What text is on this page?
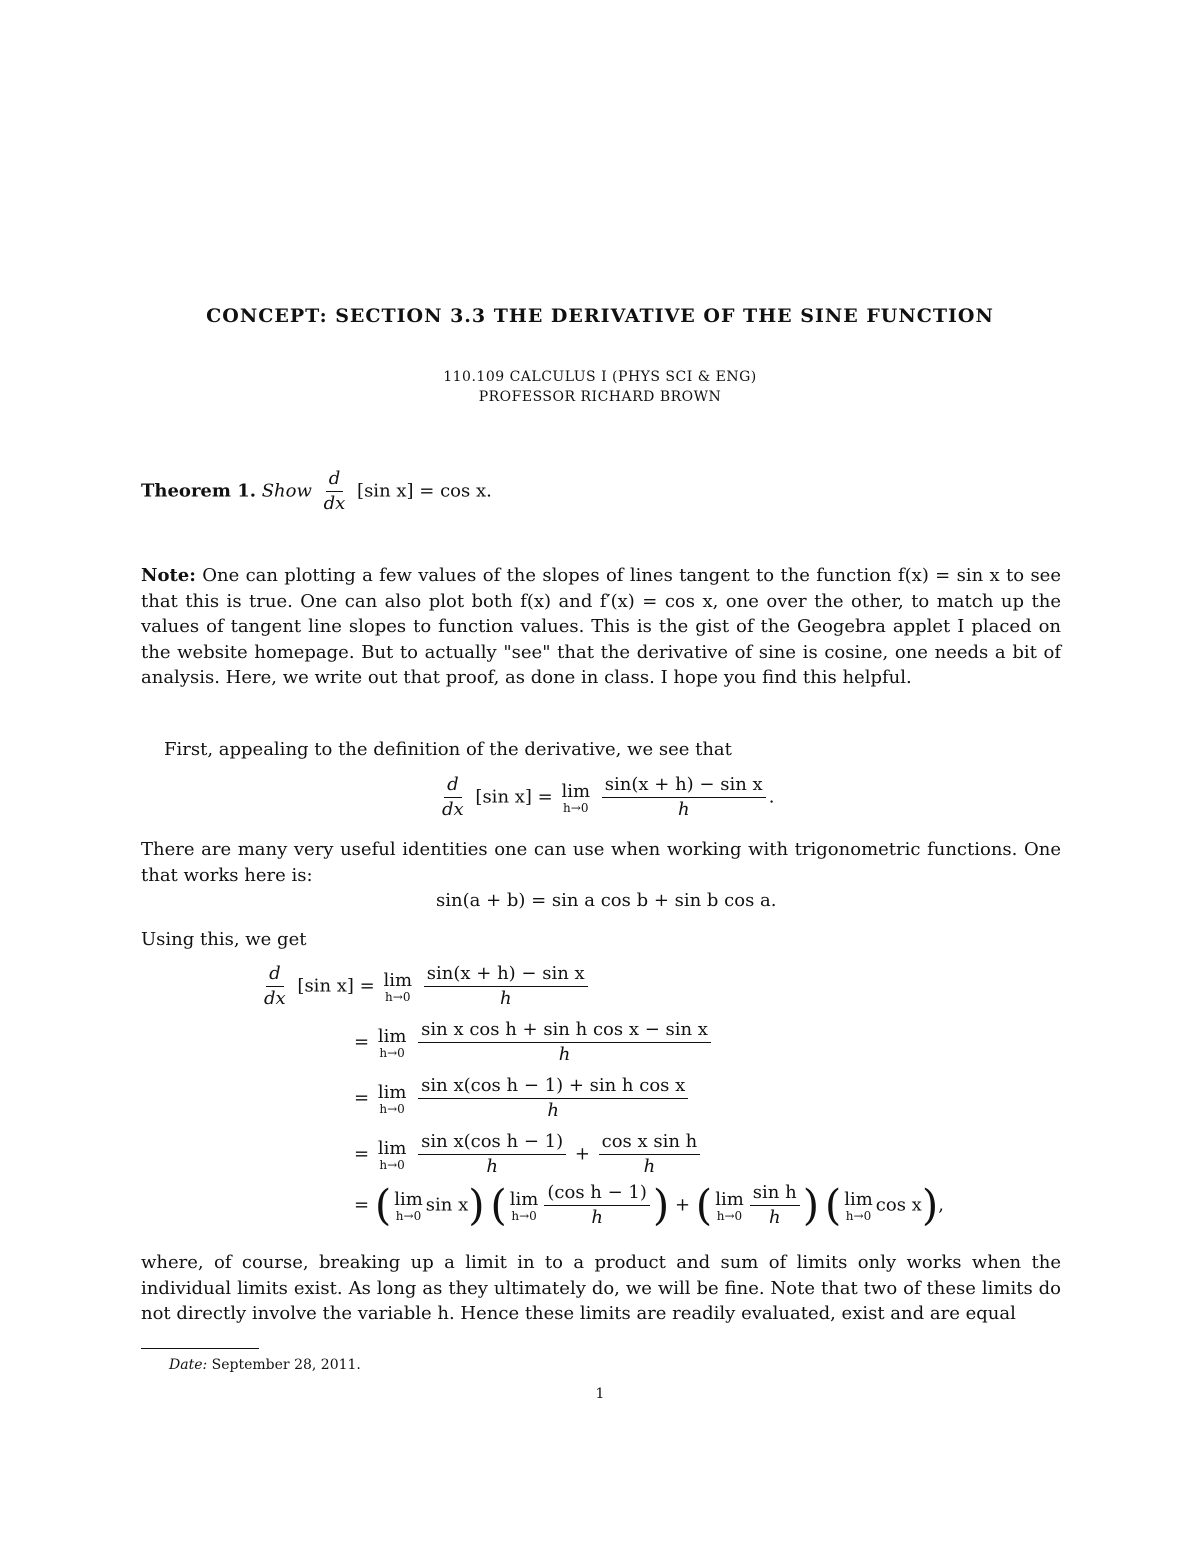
CONCEPT: SECTION 3.3 THE DERIVATIVE OF THE SINE FUNCTION
110.109 CALCULUS I (PHYS SCI & ENG)
PROFESSOR RICHARD BROWN
Theorem 1. Show $\frac{d}{dx} [\sin$ x] = cos x.
Note: One can plotting a few values of the slopes of lines tangent to the function f(x) = sin x to see that this is true. One can also plot both f(x) and f′(x) = cos x, one over the other, to match up the values of tangent line slopes to function values. This is the gist of the Geogebra applet I placed on the website homepage. But to actually "see" that the derivative of sine is cosine, one needs a bit of analysis. Here, we write out that proof, as done in class. I hope you find this helpful.
First, appealing to the definition of the derivative, we see that
$\frac{d}{dx} [\sin$ x] = lim
h→0
$\frac{\text{sin(x + h) − sin x}}{h}$ .
There are many very useful identities one can use when working with trigonometric functions. One that works here is:
sin(a + b) = sin a cos b + sin b cos a.
Using this, we get
$\frac{d}{dx} [\sin$ x] = lim
h→0
$\frac{\text{sin(x + h) − sin x}}{h}$
= lim
h→0
$\frac{\text{sin x cos h + sin h cos x − sin x}}{h}$
= lim
h→0
$\frac{\text{sin x(cos h − 1) + sin h cos x}}{h}$
= lim
h→0
$\frac{\text{sin x(cos h − 1)}}{h} + \frac{\text{cos x sin h}}{h}$
= ( lim
h→0 sin x) ( lim
$h\to 0 \frac{\text{(cos h − 1)}}{h}$ ) + ( lim
$h\to 0 \frac{\text{sin h}}{h}$ ) ( lim
h→0 cos x),
where, of course, breaking up a limit in to a product and sum of limits only works when the individual limits exist. As long as they ultimately do, we will be fine. Note that two of these limits do not directly involve the variable h. Hence these limits are readily evaluated, exist and are equal
Date: September 28, 2011.
1
